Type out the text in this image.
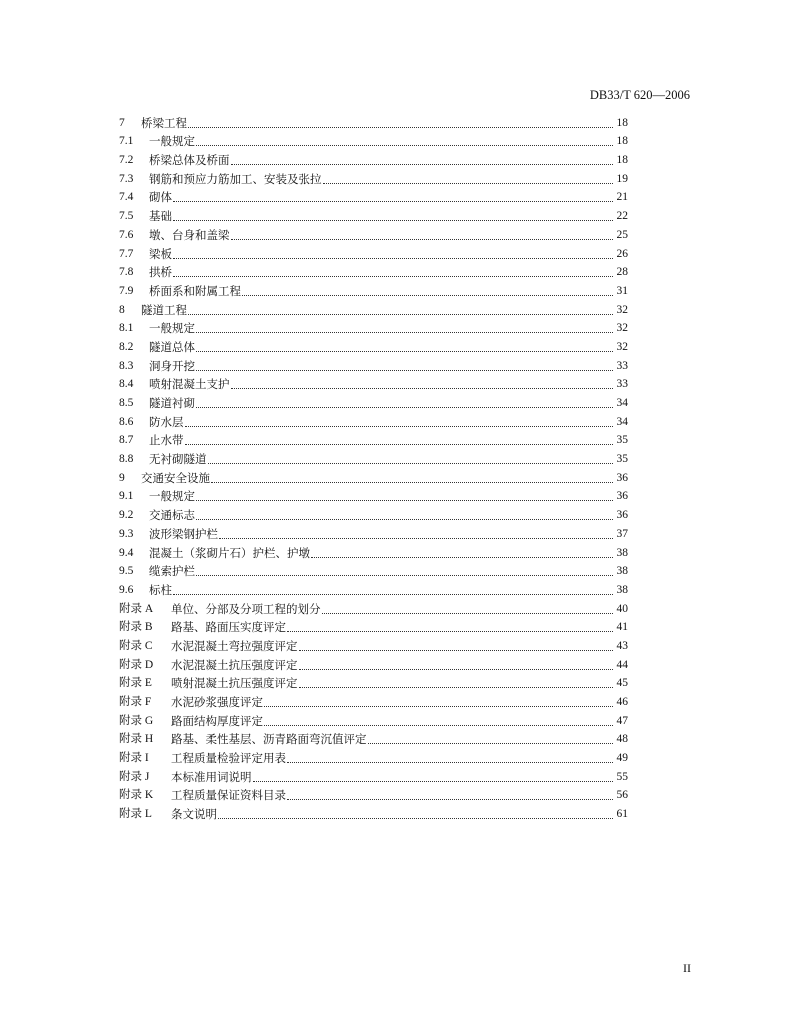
DB33/T 620—2006
7	桥梁工程	18
7.1	一般规定	18
7.2	桥梁总体及桥面	18
7.3	钢筋和预应力筋加工、安装及张拉	19
7.4	砌体	21
7.5	基础	22
7.6	墩、台身和盖梁	25
7.7	梁板	26
7.8	拱桥	28
7.9	桥面系和附属工程	31
8	隧道工程	32
8.1	一般规定	32
8.2	隧道总体	32
8.3	洞身开挖	33
8.4	喷射混凝土支护	33
8.5	隧道衬砌	34
8.6	防水层	34
8.7	止水带	35
8.8	无衬砌隧道	35
9	交通安全设施	36
9.1	一般规定	36
9.2	交通标志	36
9.3	波形梁钢护栏	37
9.4	混凝土（浆砌片石）护栏、护墩	38
9.5	缆索护栏	38
9.6	标柱	38
附录 A	单位、分部及分项工程的划分	40
附录 B	路基、路面压实度评定	41
附录 C	水泥混凝土弯拉强度评定	43
附录 D	水泥混凝土抗压强度评定	44
附录 E	喷射混凝土抗压强度评定	45
附录 F	水泥砂浆强度评定	46
附录 G	路面结构厚度评定	47
附录 H	路基、柔性基层、沥青路面弯沉值评定	48
附录 I	工程质量检验评定用表	49
附录 J	本标准用词说明	55
附录 K	工程质量保证资料目录	56
附录 L	条文说明	61
II
